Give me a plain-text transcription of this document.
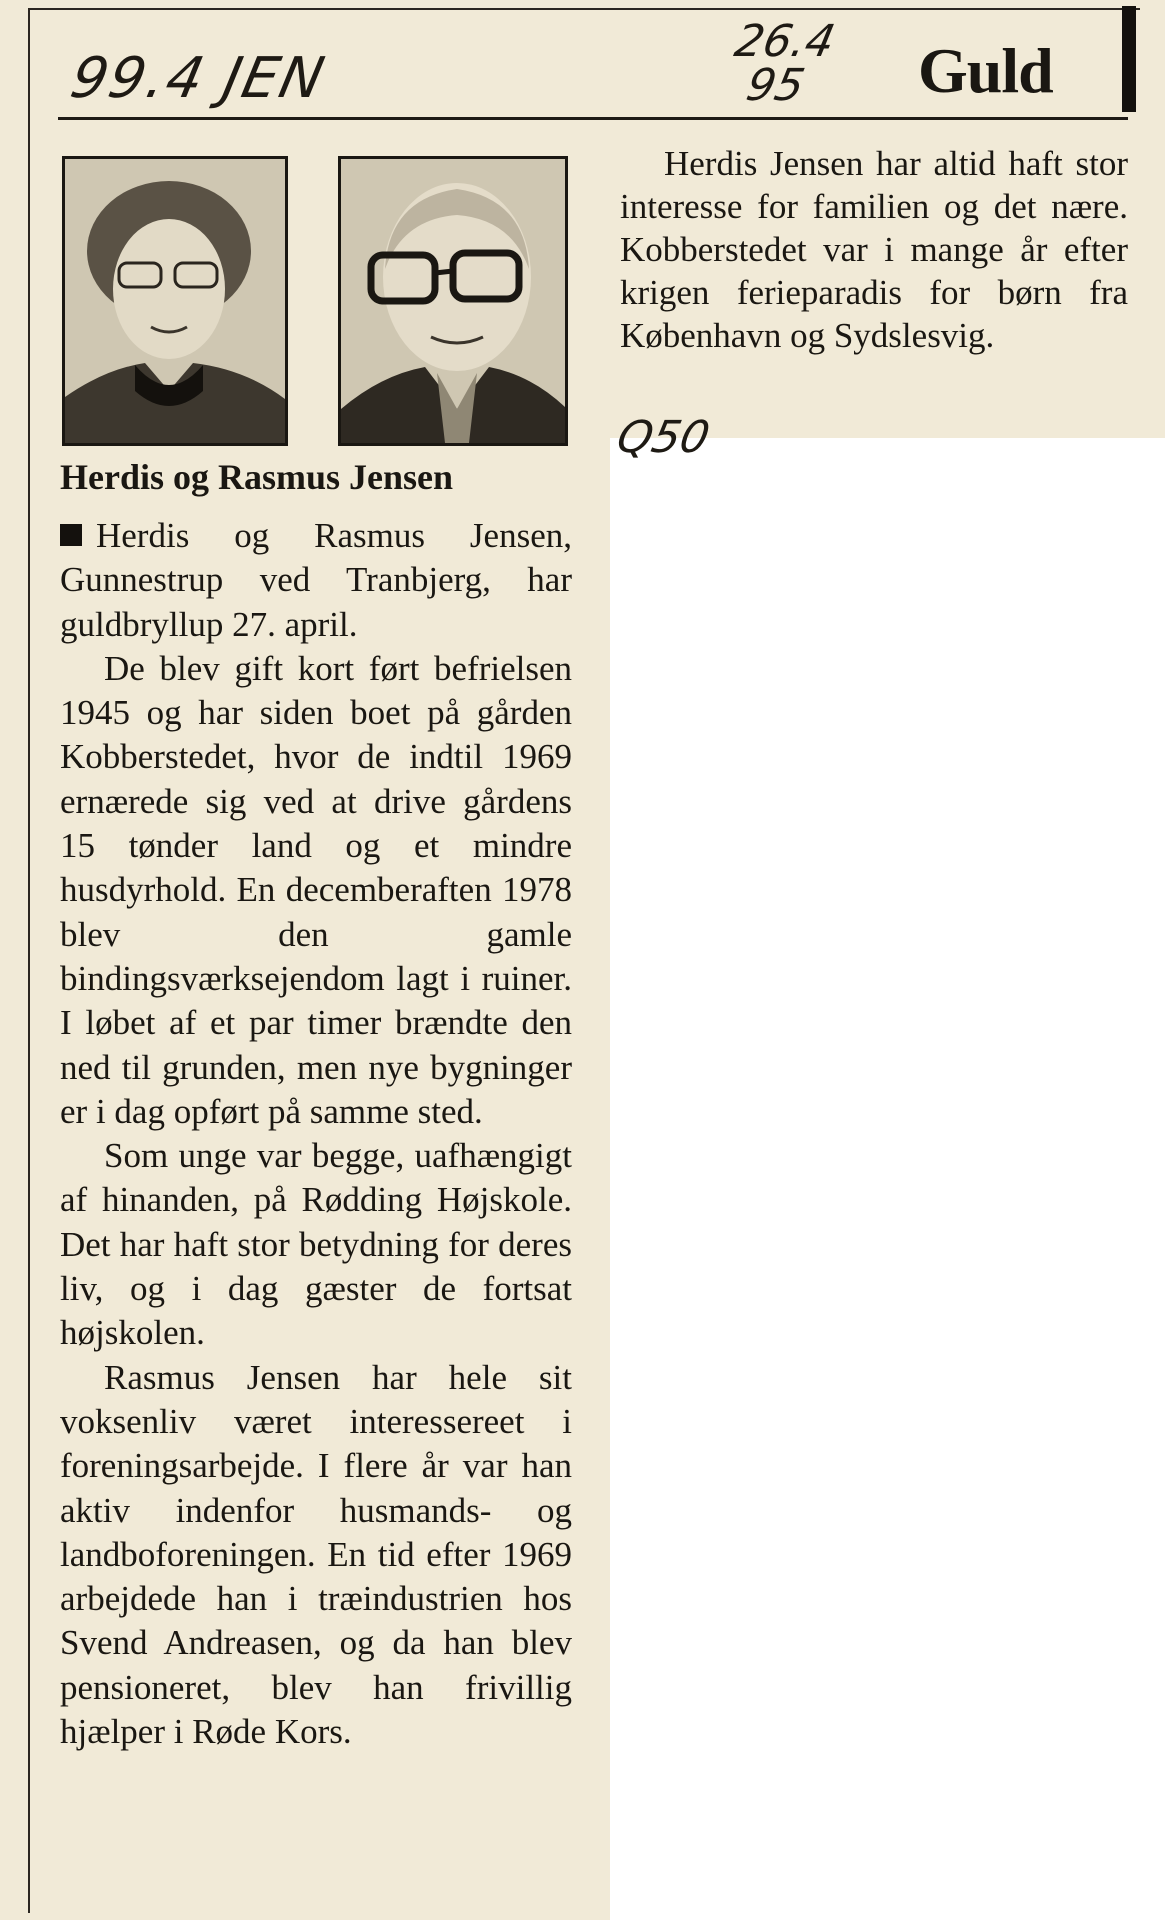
99.4 JEN
26.4 95	Guld
Herdis og Rasmus Jensen

Herdis og Rasmus Jensen, Gunnestrup ved Tranbjerg, har guldbryllup 27. april.

De blev gift kort ført befrielsen 1945 og har siden boet på gården Kobberstedet, hvor de indtil 1969 ernærede sig ved at drive gårdens 15 tønder land og et mindre husdyrhold. En decemberaften 1978 blev den gamle bindingsværksejendom lagt i ruiner. I løbet af et par timer brændte den ned til grunden, men nye bygninger er i dag opført på samme sted.

Som unge var begge, uafhængigt af hinanden, på Rødding Højskole. Det har haft stor betydning for deres liv, og i dag gæster de fortsat højskolen.

Rasmus Jensen har hele sit voksenliv været interessereet i foreningsarbejde. I flere år var han aktiv indenfor husmands- og landboforeningen. En tid efter 1969 arbejdede han i træindustrien hos Svend Andreasen, og da han blev pensioneret, blev han frivillig hjælper i Røde Kors.

Herdis Jensen har altid haft stor interesse for familien og det nære. Kobberstedet var i mange år efter krigen ferieparadis for børn fra København og Sydslesvig.

Q50
